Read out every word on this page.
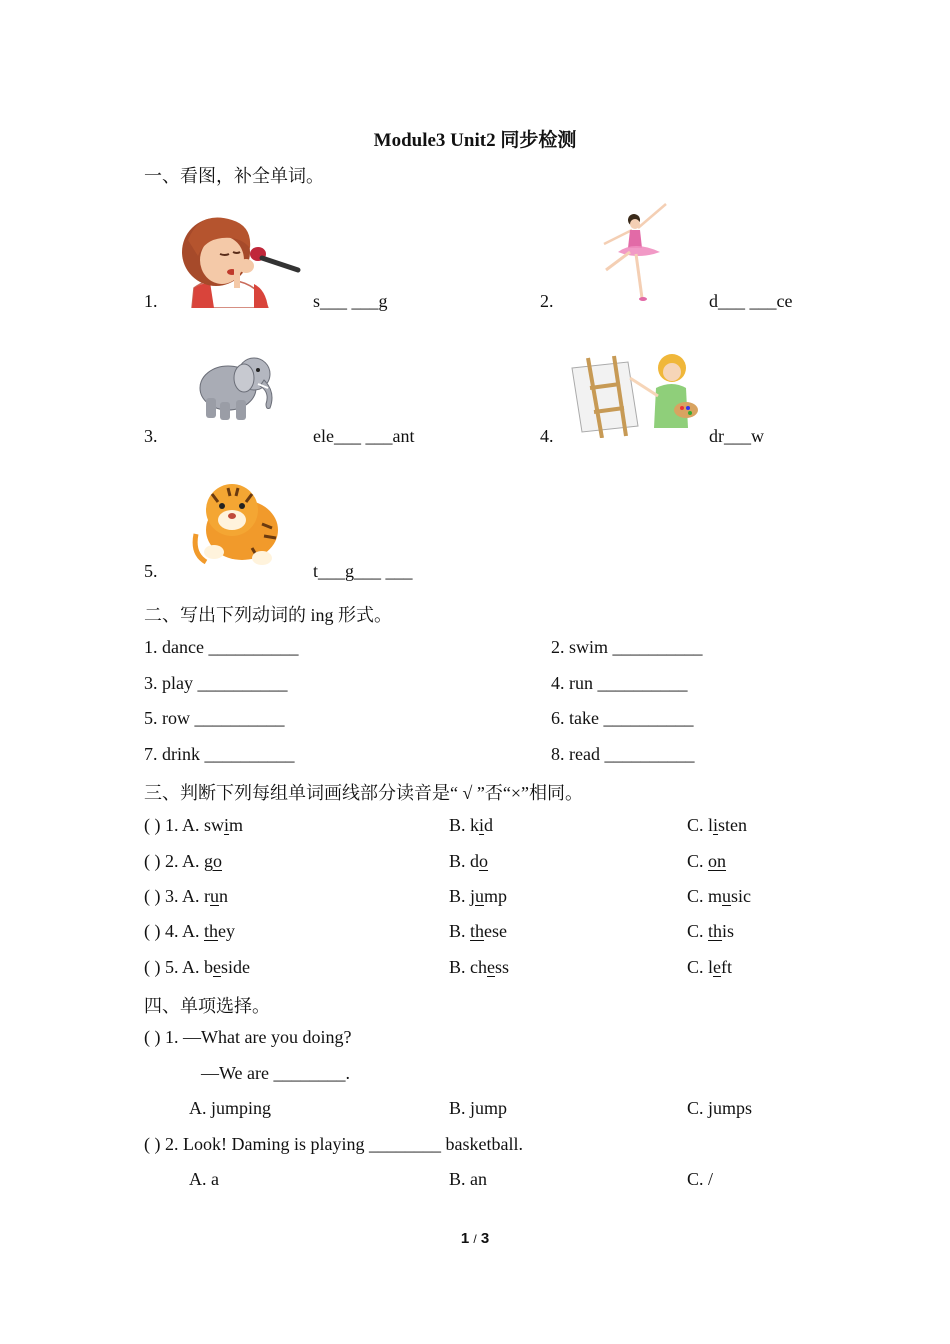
Module3 Unit2 同步检测
一、看图，补全单词。
1.	s___ ___g	2.	d___ ___ce
3.	ele___ ___ant	4.	dr___w
5.	t___g___ ___
二、写出下列动词的 ing 形式。
1. dance __________	2. swim __________
3. play __________	4. run __________
5. row __________	6. take __________
7. drink __________	8. read __________
三、判断下列每组单词画线部分读音是“ √ ”否“×”相同。
( ) 1. A. swim	B. kid	C. listen
( ) 2. A. go	B. do	C. on
( ) 3. A. run	B. jump	C. music
( ) 4. A. they	B. these	C. this
( ) 5. A. beside	B. chess	C. left
四、单项选择。
( ) 1. —What are you doing?
—We are ________.
A. jumping	B. jump	C. jumps
( ) 2. Look! Daming is playing ________ basketball.
A. a	B. an	C. /
1 / 3
